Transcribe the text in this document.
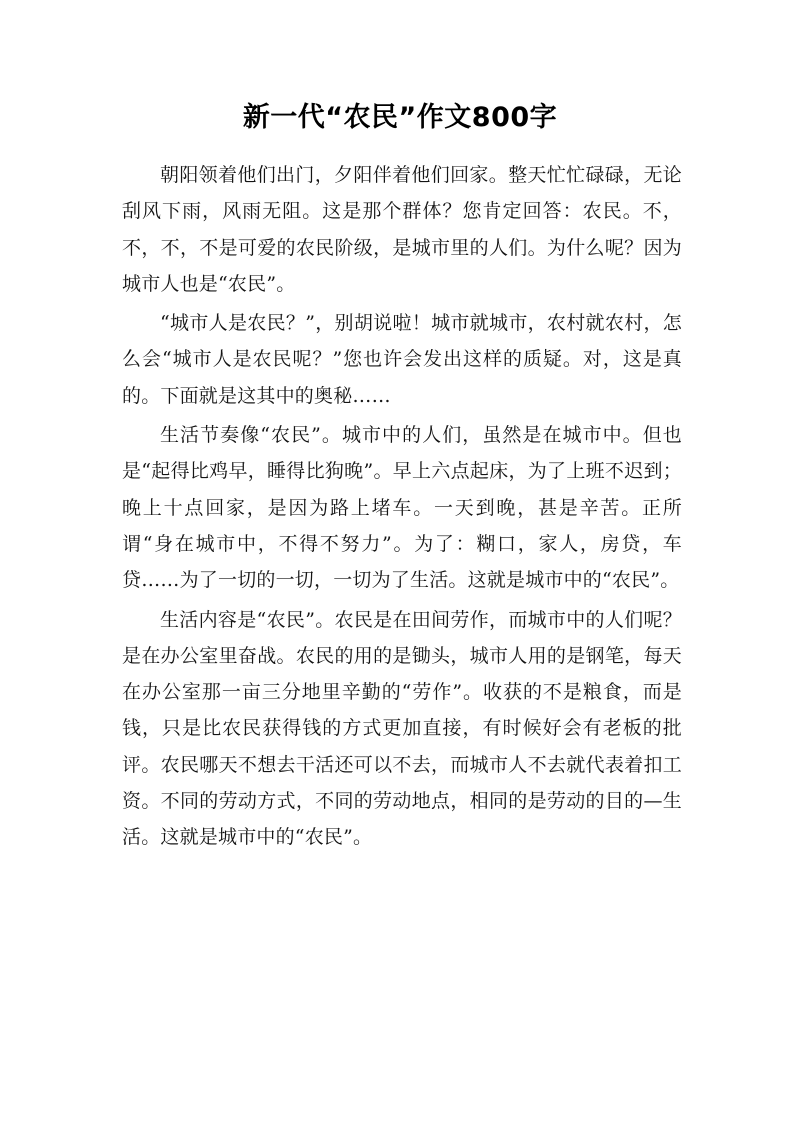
新一代“农民”作文800字

朝阳领着他们出门，夕阳伴着他们回家。整天忙忙碌碌，无论刮风下雨，风雨无阻。这是那个群体？您肯定回答：农民。不，不，不，不是可爱的农民阶级，是城市里的人们。为什么呢？因为城市人也是“农民”。

“城市人是农民？”，别胡说啦！城市就城市，农村就农村，怎么会“城市人是农民呢？”您也许会发出这样的质疑。对，这是真的。下面就是这其中的奥秘……

生活节奏像“农民”。城市中的人们，虽然是在城市中。但也是“起得比鸡早，睡得比狗晚”。早上六点起床，为了上班不迟到；晚上十点回家，是因为路上堵车。一天到晚，甚是辛苦。正所谓“身在城市中，不得不努力”。为了：糊口，家人，房贷，车贷……为了一切的一切，一切为了生活。这就是城市中的“农民”。

生活内容是“农民”。农民是在田间劳作，而城市中的人们呢？是在办公室里奋战。农民的用的是锄头，城市人用的是钢笔，每天在办公室那一亩三分地里辛勤的“劳作”。收获的不是粮食，而是钱，只是比农民获得钱的方式更加直接，有时候好会有老板的批评。农民哪天不想去干活还可以不去，而城市人不去就代表着扣工资。不同的劳动方式，不同的劳动地点，相同的是劳动的目的—生活。这就是城市中的“农民”。
